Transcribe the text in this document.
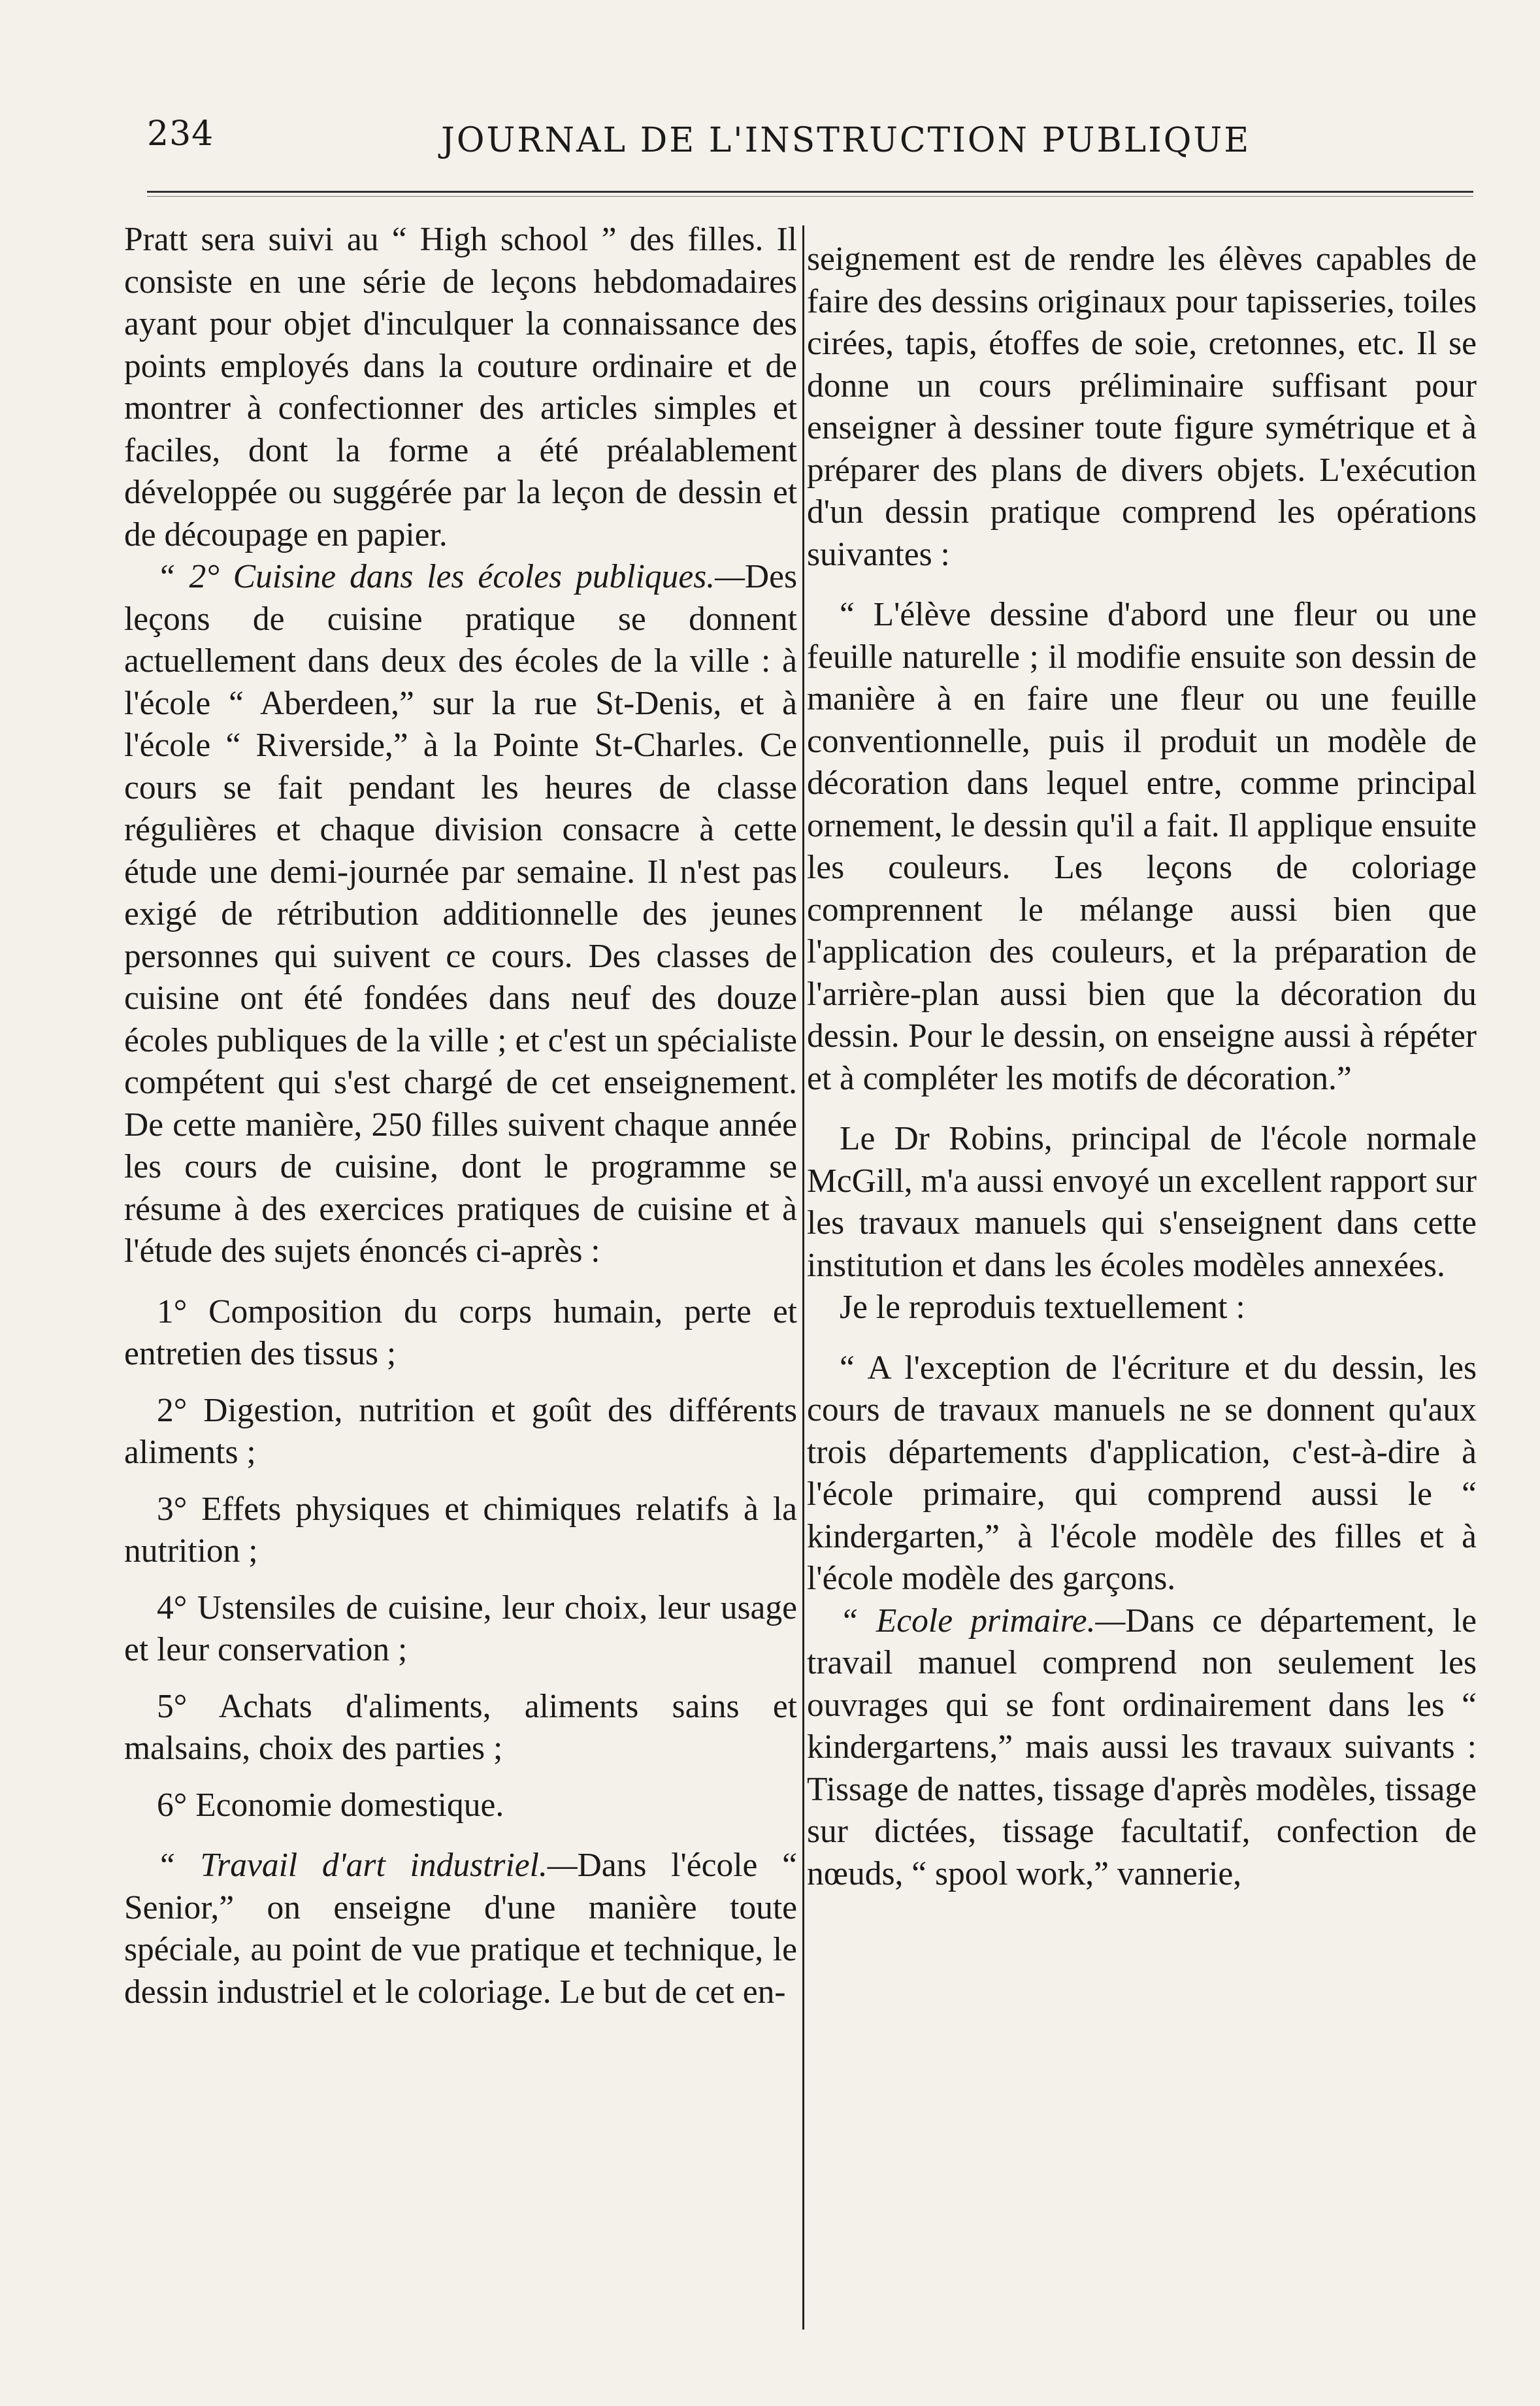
234	JOURNAL DE L'INSTRUCTION PUBLIQUE

Pratt sera suivi au “ High school ” des filles. Il consiste en une série de leçons hebdomadaires ayant pour objet d'inculquer la connaissance des points employés dans la couture ordinaire et de montrer à confectionner des articles simples et faciles, dont la forme a été préalablement développée ou suggérée par la leçon de dessin et de découpage en papier.

“ 2° Cuisine dans les écoles publiques.—Des leçons de cuisine pratique se donnent actuellement dans deux des écoles de la ville : à l'école “ Aberdeen,” sur la rue St-Denis, et à l'école “ Riverside,” à la Pointe St-Charles. Ce cours se fait pendant les heures de classe régulières et chaque division consacre à cette étude une demi-journée par semaine. Il n'est pas exigé de rétribution additionnelle des jeunes personnes qui suivent ce cours. Des classes de cuisine ont été fondées dans neuf des douze écoles publiques de la ville ; et c'est un spécialiste compétent qui s'est chargé de cet enseignement. De cette manière, 250 filles suivent chaque année les cours de cuisine, dont le programme se résume à des exercices pratiques de cuisine et à l'étude des sujets énoncés ci-après :

1° Composition du corps humain, perte et entretien des tissus ;

2° Digestion, nutrition et goût des différents aliments ;

3° Effets physiques et chimiques relatifs à la nutrition ;

4° Ustensiles de cuisine, leur choix, leur usage et leur conservation ;

5° Achats d'aliments, aliments sains et malsains, choix des parties ;

6° Economie domestique.

“ Travail d'art industriel.—Dans l'école “ Senior,” on enseigne d'une manière toute spéciale, au point de vue pratique et technique, le dessin industriel et le coloriage. Le but de cet en-

seignement est de rendre les élèves capables de faire des dessins originaux pour tapisseries, toiles cirées, tapis, étoffes de soie, cretonnes, etc. Il se donne un cours préliminaire suffisant pour enseigner à dessiner toute figure symétrique et à préparer des plans de divers objets. L'exécution d'un dessin pratique comprend les opérations suivantes :

“ L'élève dessine d'abord une fleur ou une feuille naturelle ; il modifie ensuite son dessin de manière à en faire une fleur ou une feuille conventionnelle, puis il produit un modèle de décoration dans lequel entre, comme principal ornement, le dessin qu'il a fait. Il applique ensuite les couleurs. Les leçons de coloriage comprennent le mélange aussi bien que l'application des couleurs, et la préparation de l'arrière-plan aussi bien que la décoration du dessin. Pour le dessin, on enseigne aussi à répéter et à compléter les motifs de décoration.”

Le Dr Robins, principal de l'école normale McGill, m'a aussi envoyé un excellent rapport sur les travaux manuels qui s'enseignent dans cette institution et dans les écoles modèles annexées.

Je le reproduis textuellement :

“ A l'exception de l'écriture et du dessin, les cours de travaux manuels ne se donnent qu'aux trois départements d'application, c'est-à-dire à l'école primaire, qui comprend aussi le “ kindergarten,” à l'école modèle des filles et à l'école modèle des garçons.

“ Ecole primaire.—Dans ce département, le travail manuel comprend non seulement les ouvrages qui se font ordinairement dans les “ kindergartens,” mais aussi les travaux suivants : Tissage de nattes, tissage d'après modèles, tissage sur dictées, tissage facultatif, confection de nœuds, “ spool work,” vannerie,
